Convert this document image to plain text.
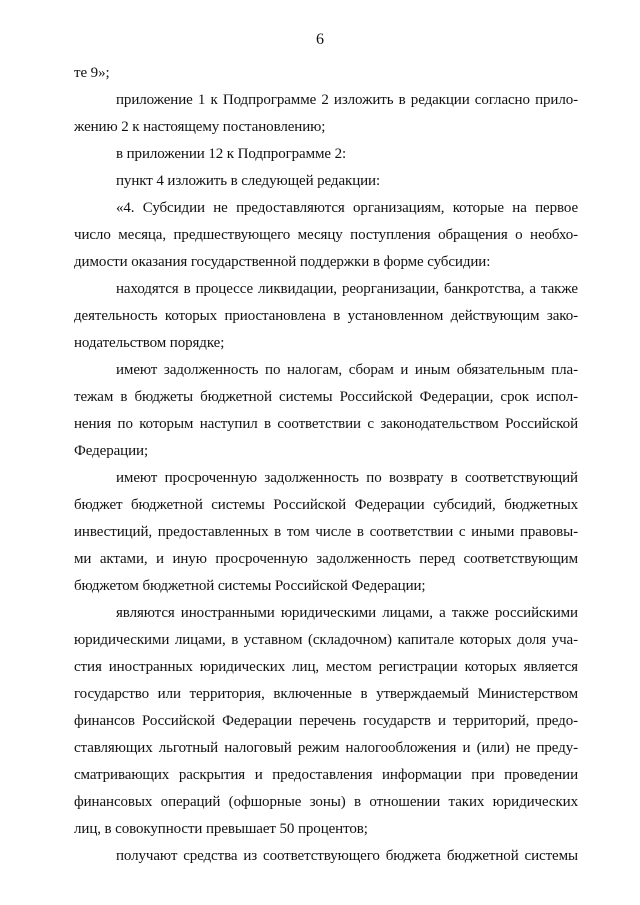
6
те 9»;
приложение 1 к Подпрограмме 2 изложить в редакции согласно прило-
жению 2 к настоящему постановлению;
в приложении 12 к Подпрограмме 2:
пункт 4 изложить в следующей редакции:
«4. Субсидии не предоставляются организациям, которые на первое
число месяца, предшествующего месяцу поступления обращения о необхо-
димости оказания государственной поддержки в форме субсидии:
находятся в процессе ликвидации, реорганизации, банкротства, а также
деятельность которых приостановлена в установленном действующим зако-
нодательством порядке;
имеют задолженность по налогам, сборам и иным обязательным пла-
тежам в бюджеты бюджетной системы Российской Федерации, срок испол-
нения по которым наступил в соответствии с законодательством Российской
Федерации;
имеют просроченную задолженность по возврату в соответствующий
бюджет бюджетной системы Российской Федерации субсидий, бюджетных
инвестиций, предоставленных в том числе в соответствии с иными правовы-
ми актами, и иную просроченную задолженность перед соответствующим
бюджетом бюджетной системы Российской Федерации;
являются иностранными юридическими лицами, а также российскими
юридическими лицами, в уставном (складочном) капитале которых доля уча-
стия иностранных юридических лиц, местом регистрации которых является
государство или территория, включенные в утверждаемый Министерством
финансов Российской Федерации перечень государств и территорий, предо-
ставляющих льготный налоговый режим налогообложения и (или) не преду-
сматривающих раскрытия и предоставления информации при проведении
финансовых операций (офшорные зоны) в отношении таких юридических
лиц, в совокупности превышает 50 процентов;
получают средства из соответствующего бюджета бюджетной системы
